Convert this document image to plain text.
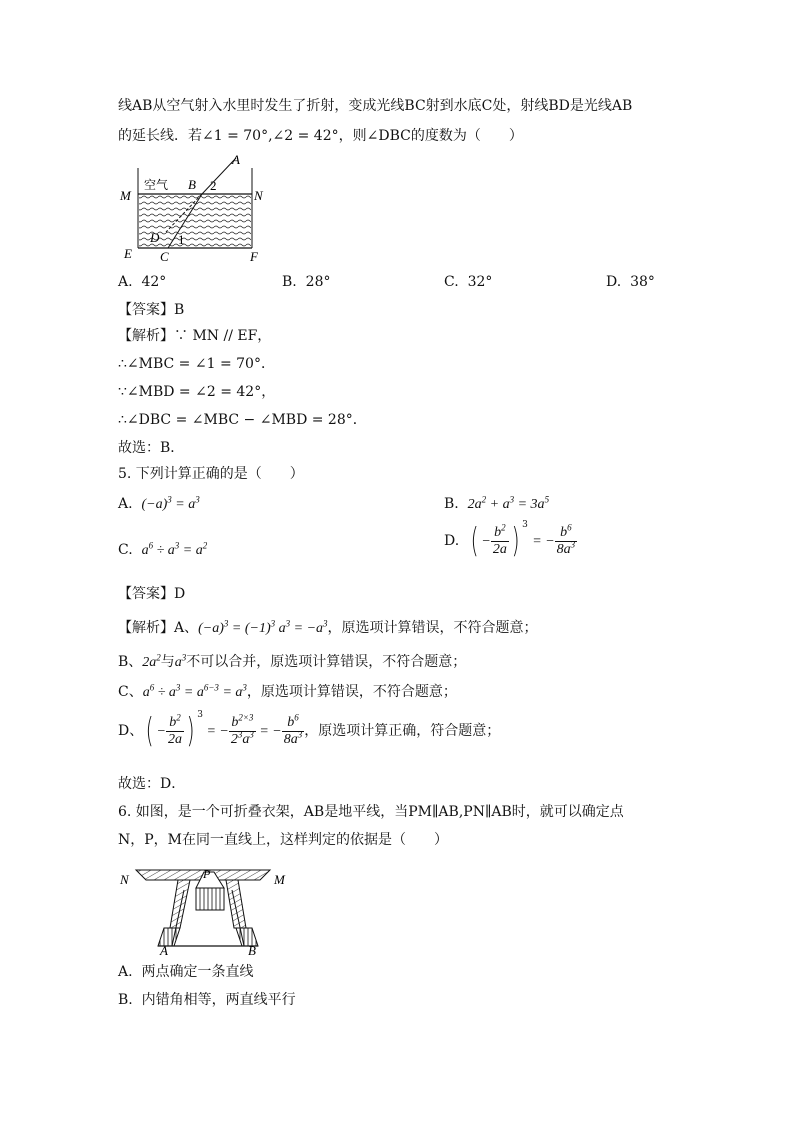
线AB从空气射入水里时发生了折射，变成光线BC射到水底C处，射线BD是光线AB
的延长线．若∠1 = 70°,∠2 = 42°，则∠DBC的度数为（　　）
A
B 2
空气
M	N
D 1
E C	F
A. 42°	B. 28°	C. 32°	D. 38°
【答案】B
【解析】∵ MN // EF，
∴∠MBC = ∠1 = 70°．
∵∠MBD = ∠2 = 42°，
∴∠DBC = ∠MBC − ∠MBD = 28°．
故选：B．
5. 下列计算正确的是（　　）
A. $(-a)^3 = a^3$	B. $2a^2 + a^3 = 3a^5$
C. $a^6 \div a^3 = a^2$	D. ( − $\frac{b^2}{2a}$ ) $^3$ = − $\frac{b^6}{8a^3}$
【答案】D
【解析】A、$(-a)^3 = (-1)^3$ $a^3 = -a^3$，原选项计算错误，不符合题意；
B、$2a^2$与$a^3$不可以合并，原选项计算错误，不符合题意；
C、$a^6 \div a^3 = a^{6-3} = a^3$，原选项计算错误，不符合题意；
D、( − $\frac{b^2}{2a}$ ) $^3$ = − $\frac{b^{2\times 3}}{2^3a^3}$ = − $\frac{b^6}{8a^3}$ ，原选项计算正确，符合题意；
故选：D．
6. 如图，是一个可折叠衣架，AB是地平线，当PM∥AB,PN∥AB时，就可以确定点
N，P，M在同一直线上，这样判定的依据是（　　）
N	P	M
A	B
A. 两点确定一条直线
B. 内错角相等，两直线平行
